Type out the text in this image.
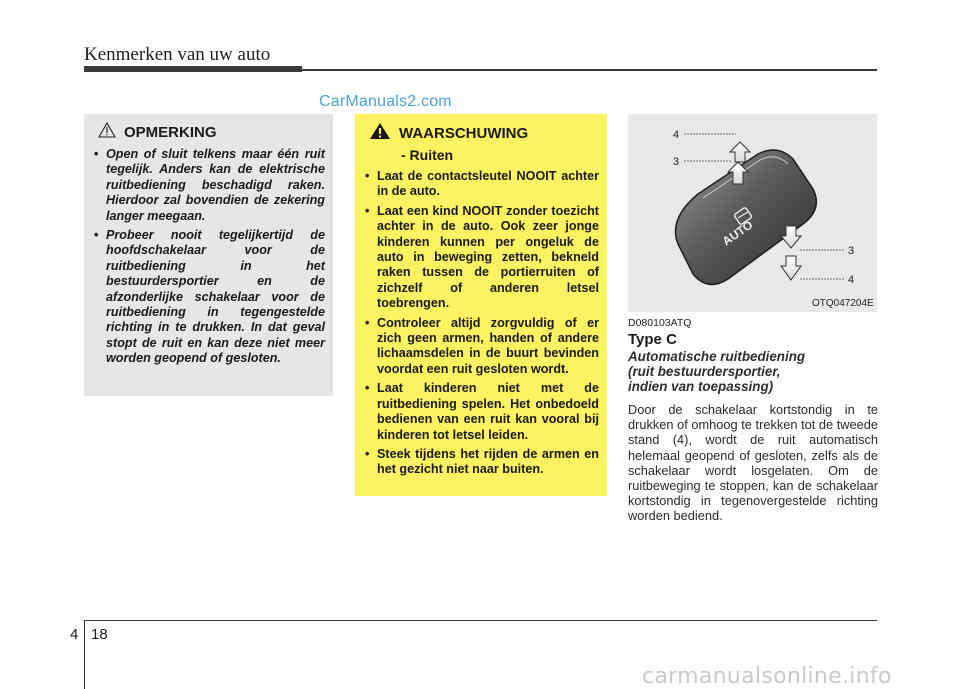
Kenmerken van uw auto
CarManuals2.com
OPMERKING
• Open of sluit telkens maar één ruit tegelijk. Anders kan de elektrische ruitbediening beschadigd raken. Hierdoor zal bovendien de zekering langer meegaan.
• Probeer nooit tegelijkertijd de hoofdschakelaar voor de ruitbediening in het bestuurdersportier en de afzonderlijke schakelaar voor de ruitbediening in tegengestelde richting in te drukken. In dat geval stopt de ruit en kan deze niet meer worden geopend of gesloten.
WAARSCHUWING
- Ruiten
• Laat de contactsleutel NOOIT achter in de auto.
• Laat een kind NOOIT zonder toezicht achter in de auto. Ook zeer jonge kinderen kunnen per ongeluk de auto in beweging zetten, bekneld raken tussen de portierruiten of zichzelf of anderen letsel toebrengen.
• Controleer altijd zorgvuldig of er zich geen armen, handen of andere lichaamsdelen in de buurt bevinden voordat een ruit gesloten wordt.
• Laat kinderen niet met de ruitbediening spelen. Het onbedoeld bedienen van een ruit kan vooral bij kinderen tot letsel leiden.
• Steek tijdens het rijden de armen en het gezicht niet naar buiten.
AUTO
4
3
3
4
OTQ047204E
D080103ATQ
Type C
Automatische ruitbediening
(ruit bestuurdersportier,
indien van toepassing)
Door de schakelaar kortstondig in te drukken of omhoog te trekken tot de tweede stand (4), wordt de ruit automatisch helemaal geopend of gesloten, zelfs als de schakelaar wordt losgelaten. Om de ruitbeweging te stoppen, kan de schakelaar kortstondig in tegenovergestelde richting worden bediend.
4 18
carmanualsonline.info
